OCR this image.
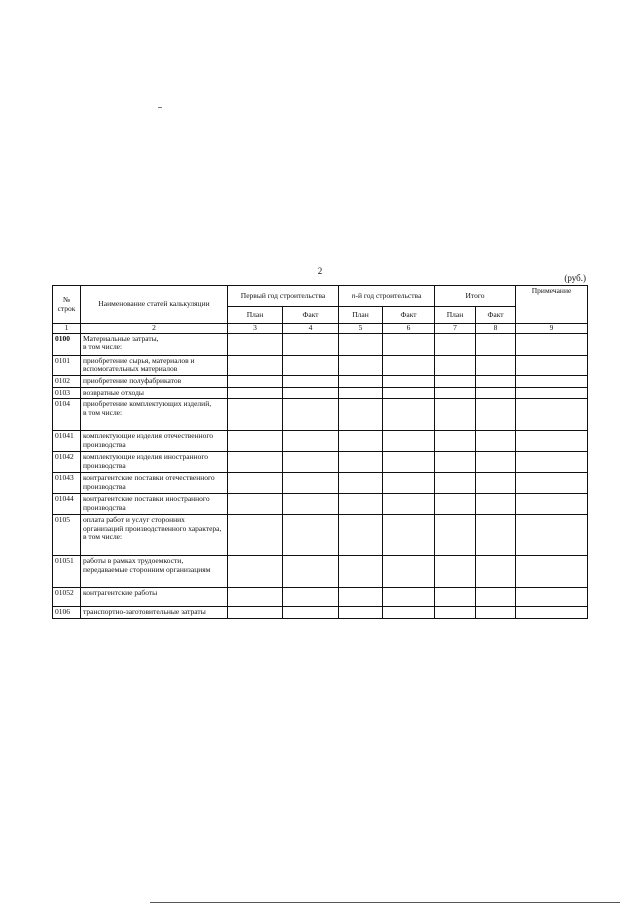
2
(руб.)
№ строк	Наименование статей калькуляции	Первый год строительства		n-й год строительства		Итого		Примечание
		План	Факт	План	Факт	План	Факт	
1	2	3	4	5	6	7	8	9
0100	Материальные затраты,
в том числе:							
0101	приобретение сырья, материалов и вспомогательных материалов							
0102	приобретение полуфабрикатов							
0103	возвратные отходы							
0104	приобретение комплектующих изделий,
в том числе:							
01041	комплектующие изделия отечественного производства							
01042	комплектующие изделия иностранного производства							
01043	контрагентские поставки отечественного производства							
01044	контрагентские поставки иностранного производства							
0105	оплата работ и услуг сторонних организаций производственного характера,
в том числе:							
01051	работы в рамках трудоемкости, передаваемые сторонним организациям							
01052	контрагентские работы							
0106	транспортно-заготовительные затраты							
